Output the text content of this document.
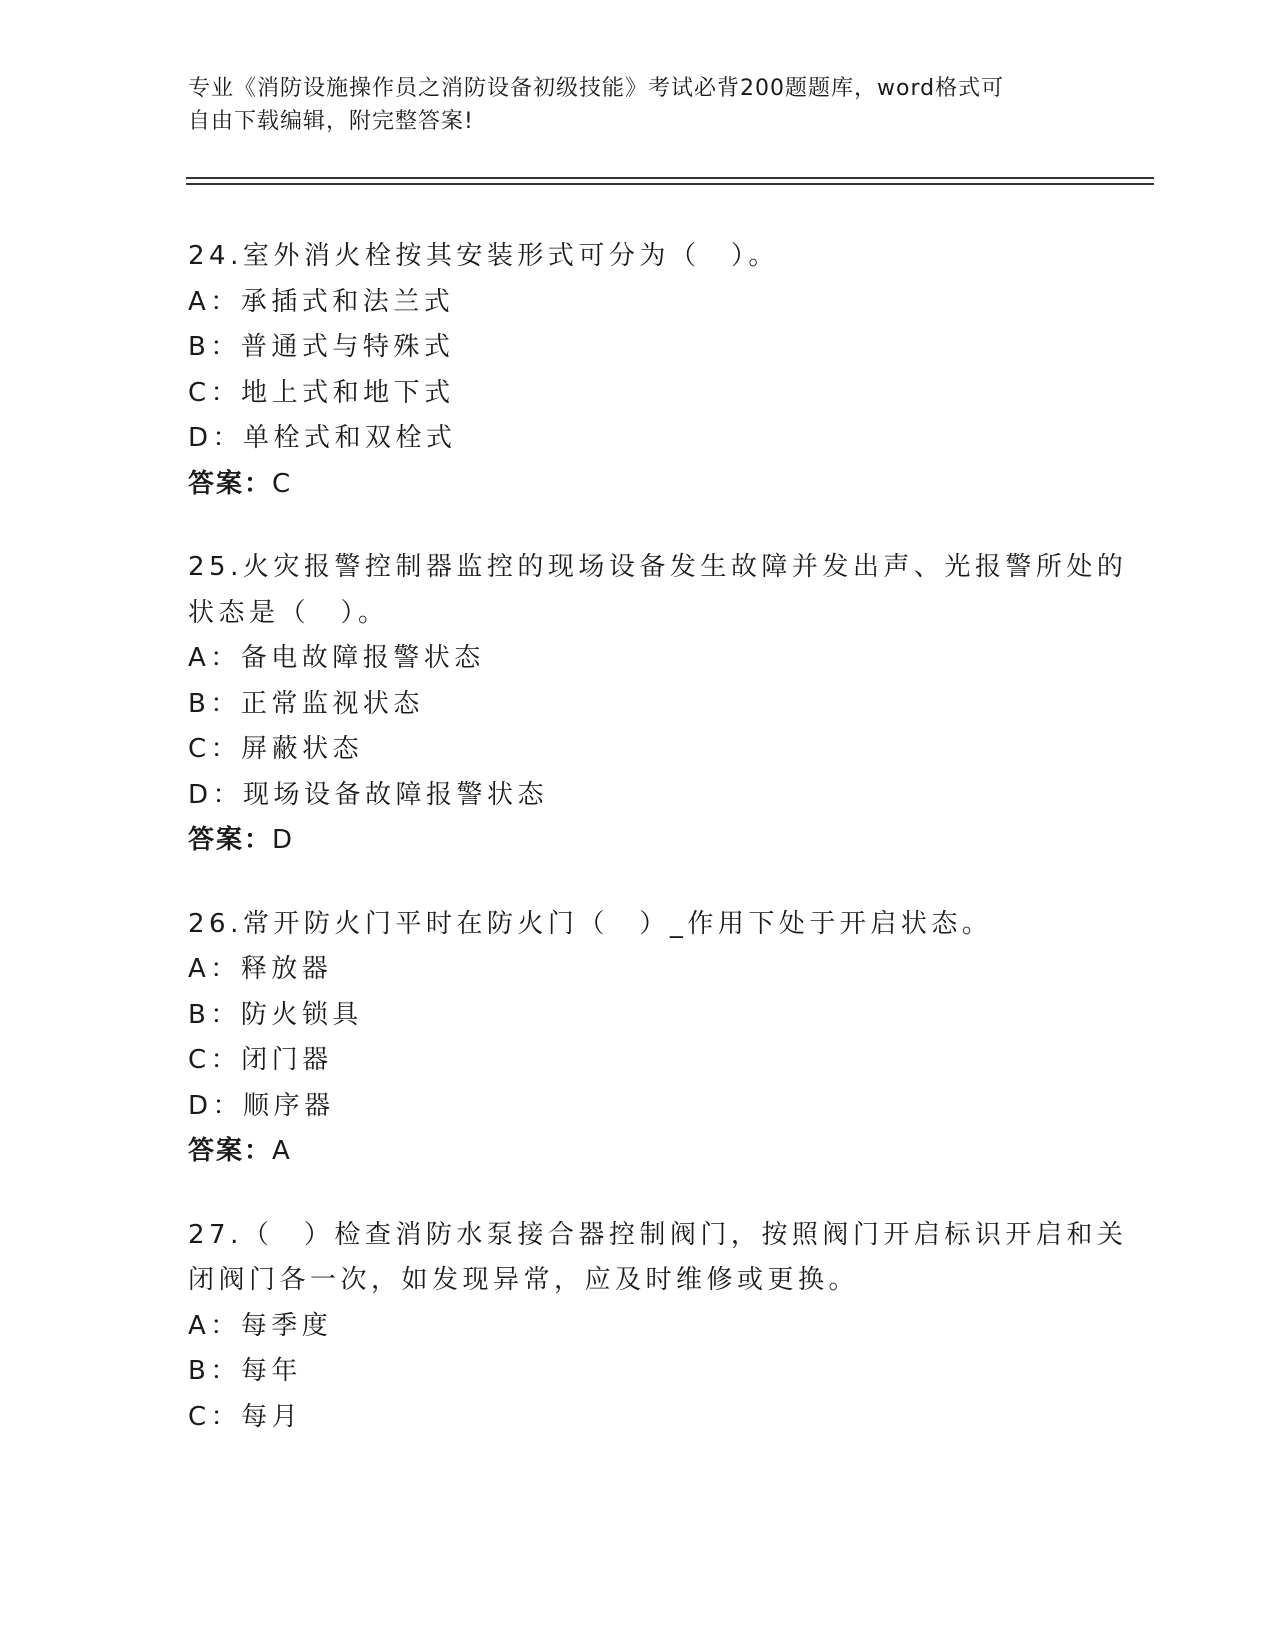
专业《消防设施操作员之消防设备初级技能》考试必背200题题库，word格式可
自由下载编辑，附完整答案!
24.室外消火栓按其安装形式可分为（　）。
A：承插式和法兰式
B：普通式与特殊式
C：地上式和地下式
D：单栓式和双栓式
答案：C
25.火灾报警控制器监控的现场设备发生故障并发出声、光报警所处的
状态是（　）。
A：备电故障报警状态
B：正常监视状态
C：屏蔽状态
D：现场设备故障报警状态
答案：D
26.常开防火门平时在防火门（　）_作用下处于开启状态。
A：释放器
B：防火锁具
C：闭门器
D：顺序器
答案：A
27.（　）检查消防水泵接合器控制阀门，按照阀门开启标识开启和关
闭阀门各一次，如发现异常，应及时维修或更换。
A：每季度
B：每年
C：每月
